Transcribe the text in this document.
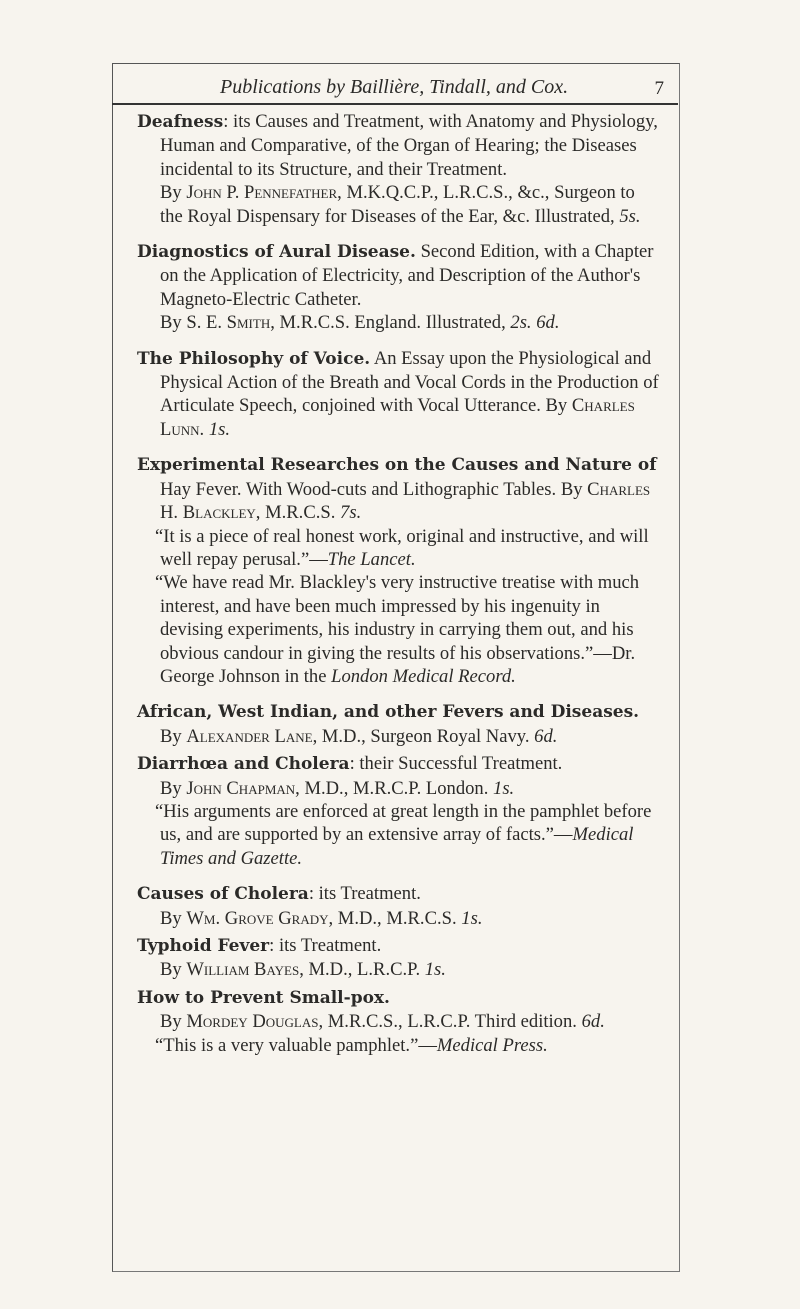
Publications by Baillière, Tindall, and Cox.	7

Deafness: its Causes and Treatment, with Anatomy and Physiology, Human and Comparative, of the Organ of Hearing; the Diseases incidental to its Structure, and their Treatment.

By John P. Pennefather, M.K.Q.C.P., L.R.C.S., &c., Surgeon to the Royal Dispensary for Diseases of the Ear, &c. Illustrated, 5s.

Diagnostics of Aural Disease. Second Edition, with a Chapter on the Application of Electricity, and Description of the Author's Magneto-Electric Catheter.

By S. E. Smith, M.R.C.S. England. Illustrated, 2s. 6d.

The Philosophy of Voice. An Essay upon the Physiological and Physical Action of the Breath and Vocal Cords in the Production of Articulate Speech, conjoined with Vocal Utterance. By Charles Lunn. 1s.

Experimental Researches on the Causes and Nature of

Hay Fever. With Wood-cuts and Lithographic Tables. By Charles H. Blackley, M.R.C.S. 7s.

“It is a piece of real honest work, original and instructive, and will well repay perusal.”—The Lancet.

“We have read Mr. Blackley's very instructive treatise with much interest, and have been much impressed by his ingenuity in devising experiments, his industry in carrying them out, and his obvious candour in giving the results of his observations.”—Dr. George Johnson in the London Medical Record.

African, West Indian, and other Fevers and Diseases.

By Alexander Lane, M.D., Surgeon Royal Navy. 6d.

Diarrhœa and Cholera: their Successful Treatment.

By John Chapman, M.D., M.R.C.P. London. 1s.

“His arguments are enforced at great length in the pamphlet before us, and are supported by an extensive array of facts.”—Medical Times and Gazette.

Causes of Cholera: its Treatment.

By Wm. Grove Grady, M.D., M.R.C.S. 1s.

Typhoid Fever: its Treatment.

By William Bayes, M.D., L.R.C.P. 1s.

How to Prevent Small-pox.

By Mordey Douglas, M.R.C.S., L.R.C.P. Third edition. 6d.

“This is a very valuable pamphlet.”—Medical Press.
